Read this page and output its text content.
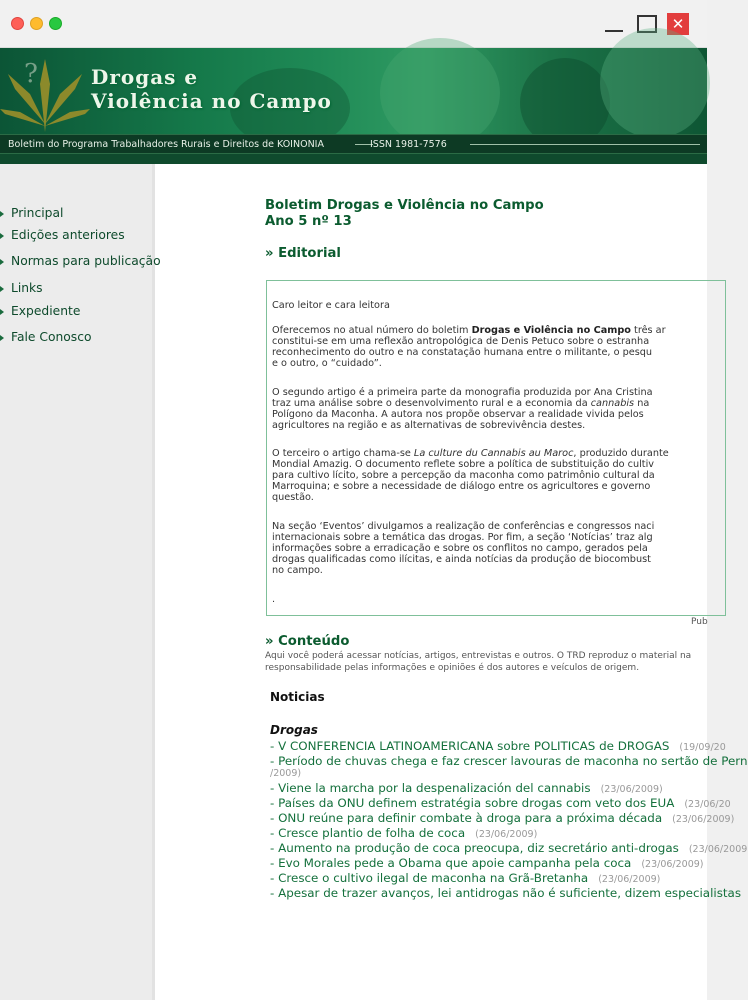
✕
?	Drogas e
Violência no Campo
Boletim do Programa Trabalhadores Rurais e Direitos de KOINONIA	ISSN 1981-7576
Principal
Edições anteriores
Normas para publicação
Links
Expediente
Fale Conosco
Boletim Drogas e Violência no Campo
Ano 5 nº 13
» Editorial
Caro leitor e cara leitora
Oferecemos no atual número do boletim Drogas e Violência no Campo três ar
constitui-se em uma reflexão antropológica de Denis Petuco sobre o estranha
reconhecimento do outro e na constatação humana entre o militante, o pesqu
e o outro, o “cuidado”.
O segundo artigo é a primeira parte da monografia produzida por Ana Cristina
traz uma análise sobre o desenvolvimento rural e a economia da cannabis na
Polígono da Maconha. A autora nos propõe observar a realidade vivida pelos
agricultores na região e as alternativas de sobrevivência destes.
O terceiro o artigo chama-se La culture du Cannabis au Maroc, produzido durante
Mondial Amazig. O documento reflete sobre a política de substituição do cultiv
para cultivo lícito, sobre a percepção da maconha como patrimônio cultural da
Marroquina; e sobre a necessidade de diálogo entre os agricultores e governo
questão.
Na seção ‘Eventos’ divulgamos a realização de conferências e congressos naci
internacionais sobre a temática das drogas. Por fim, a seção ‘Notícias’ traz alg
informações sobre a erradicação e sobre os conflitos no campo, gerados pela
drogas qualificadas como ilícitas, e ainda notícias da produção de biocombust
no campo.
.
Pub
» Conteúdo
Aqui você poderá acessar notícias, artigos, entrevistas e outros. O TRD reproduz o material na
responsabilidade pelas informações e opiniões é dos autores e veículos de origem.
Noticias
Drogas
- V CONFERENCIA LATINOAMERICANA sobre POLITICAS de DROGAS (19/09/20
- Período de chuvas chega e faz crescer lavouras de maconha no sertão de Pern
/2009)
- Viene la marcha por la despenalización del cannabis (23/06/2009)
- Países da ONU definem estratégia sobre drogas com veto dos EUA (23/06/20
- ONU reúne para definir combate à droga para a próxima década (23/06/2009)
- Cresce plantio de folha de coca (23/06/2009)
- Aumento na produção de coca preocupa, diz secretário anti-drogas (23/06/2009
- Evo Morales pede a Obama que apoie campanha pela coca (23/06/2009)
- Cresce o cultivo ilegal de maconha na Grã-Bretanha (23/06/2009)
- Apesar de trazer avanços, lei antidrogas não é suficiente, dizem especialistas
